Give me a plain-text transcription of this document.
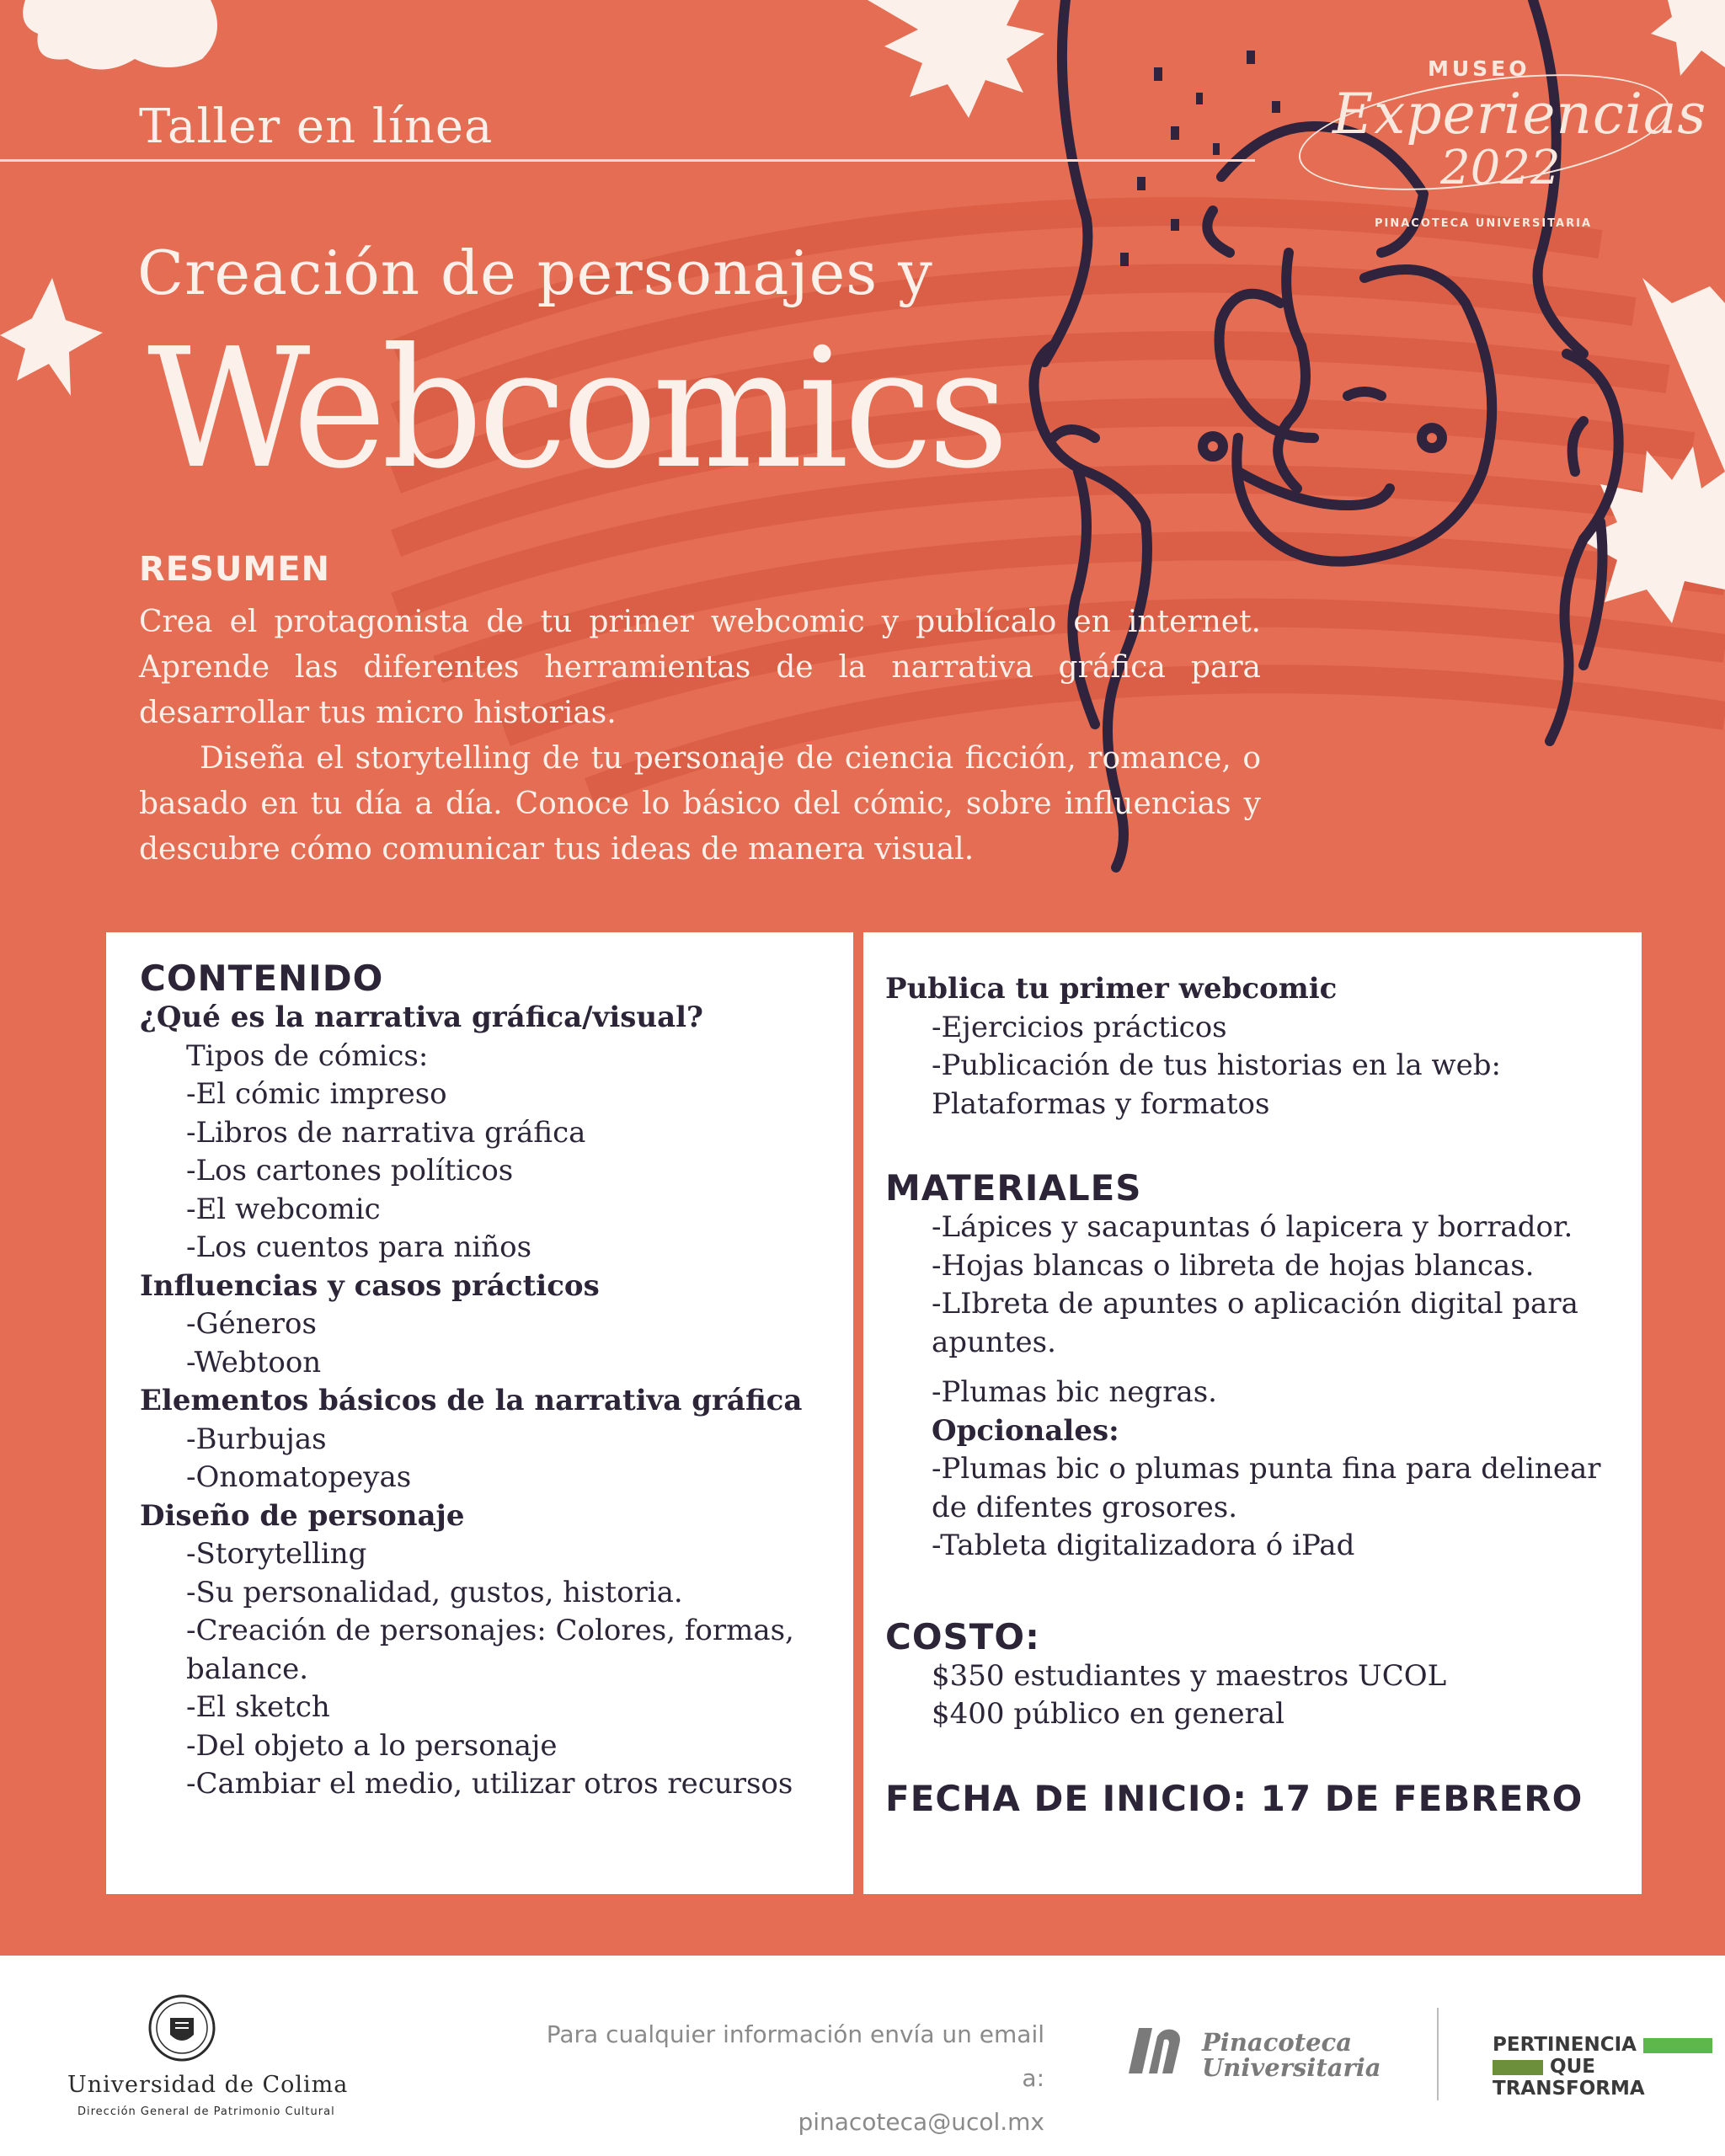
Taller en línea
MUSEO
Experiencias
2022
PINACOTECA UNIVERSITARIA
Creación de personajes y
Webcomics
RESUMEN

Crea el protagonista de tu primer webcomic y publícalo en internet. Aprende las diferentes herramientas de la narrativa gráfica para desarrollar tus micro historias.

Diseña el storytelling de tu personaje de ciencia ficción, romance, o basado en tu día a día. Conoce lo básico del cómic, sobre influencias y descubre cómo comunicar tus ideas de manera visual.

CONTENIDO
¿Qué es la narrativa gráfica/visual?
Tipos de cómics:
-El cómic impreso
-Libros de narrativa gráfica
-Los cartones políticos
-El webcomic
-Los cuentos para niños
Influencias y casos prácticos
-Géneros
-Webtoon
Elementos básicos de la narrativa gráfica
-Burbujas
-Onomatopeyas
Diseño de personaje
-Storytelling
-Su personalidad, gustos, historia.
-Creación de personajes: Colores, formas, balance.
-El sketch
-Del objeto a lo personaje
-Cambiar el medio, utilizar otros recursos
Publica tu primer webcomic
-Ejercicios prácticos
-Publicación de tus historias en la web: Plataformas y formatos
MATERIALES
-Lápices y sacapuntas ó lapicera y borrador.
-Hojas blancas o libreta de hojas blancas.
-LIbreta de apuntes o aplicación digital para apuntes.
-Plumas bic negras.
Opcionales:
-Plumas bic o plumas punta fina para delinear de difentes grosores.
-Tableta digitalizadora ó iPad
COSTO:
$350 estudiantes y maestros UCOL
$400 público en general
FECHA DE INICIO: 17 DE FEBRERO
Universidad de Colima
Dirección General de Patrimonio Cultural
Para cualquier información envía un email a:
pinacoteca@ucol.mx
Pinacoteca
Universitaria
PERTINENCIA
QUE TRANSFORMA
